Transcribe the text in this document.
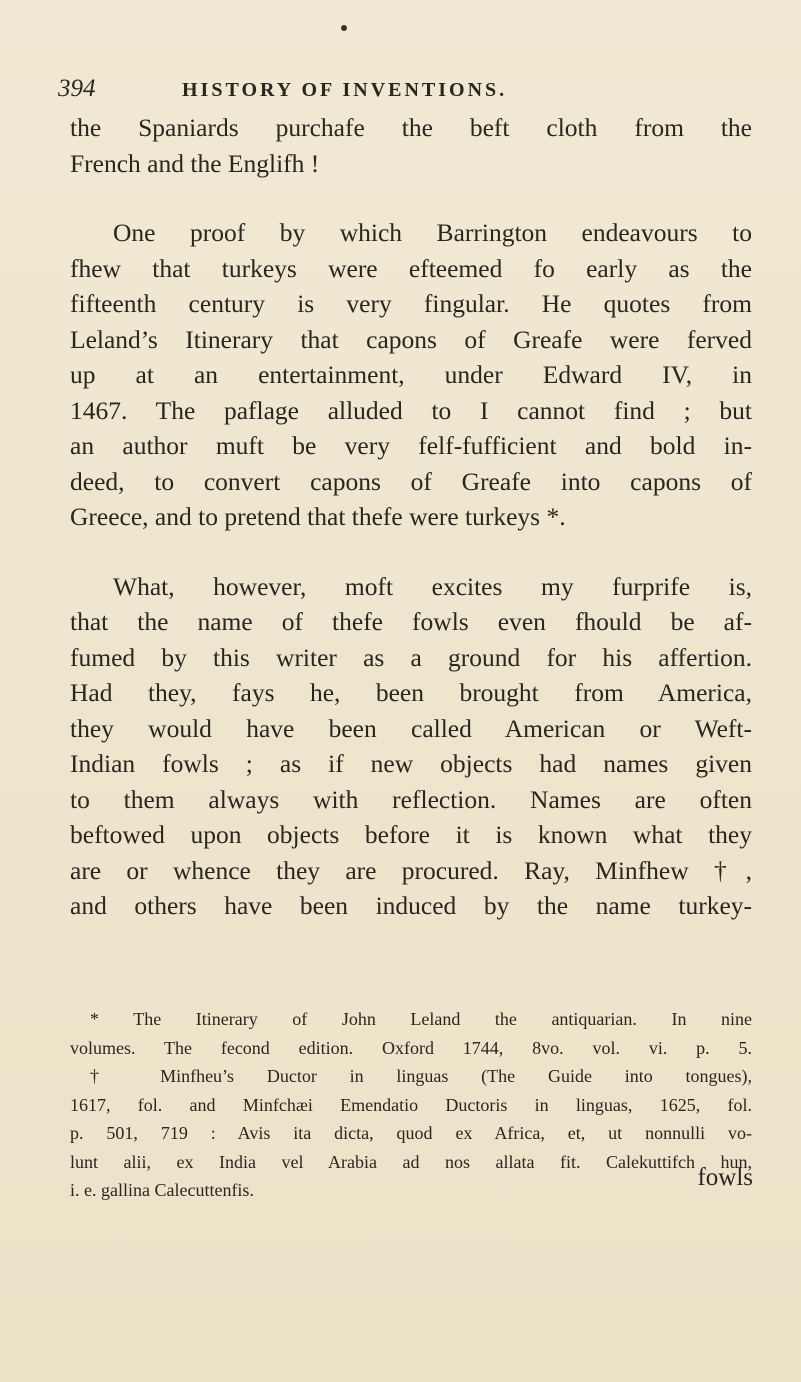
394	HISTORY OF INVENTIONS.
the Spaniards purchafe the beft cloth from the
French and the Englifh !
One proof by which Barrington endeavours to
fhew that turkeys were efteemed fo early as the
fifteenth century is very fingular. He quotes from
Leland’s Itinerary that capons of Greafe were ferved
up at an entertainment, under Edward IV, in
1467. The paflage alluded to I cannot find ; but
an author muft be very felf-fufficient and bold in-
deed, to convert capons of Greafe into capons of
Greece, and to pretend that thefe were turkeys *.
What, however, moft excites my furprife is,
that the name of thefe fowls even fhould be af-
fumed by this writer as a ground for his affertion.
Had they, fays he, been brought from America,
they would have been called American or Weft-
Indian fowls ; as if new objects had names given
to them always with reflection. Names are often
beftowed upon objects before it is known what they
are or whence they are procured. Ray, Minfhew †,
and others have been induced by the name turkey-
* The Itinerary of John Leland the antiquarian. In nine
volumes. The fecond edition. Oxford 1744, 8vo. vol. vi. p. 5.
† Minfheu’s Ductor in linguas (The Guide into tongues),
1617, fol. and Minfchæi Emendatio Ductoris in linguas, 1625, fol.
p. 501, 719 : Avis ita dicta, quod ex Africa, et, ut nonnulli vo-
lunt alii, ex India vel Arabia ad nos allata fit. Calekuttifch hun,
i. e. gallina Calecuttenfis.	fowls
